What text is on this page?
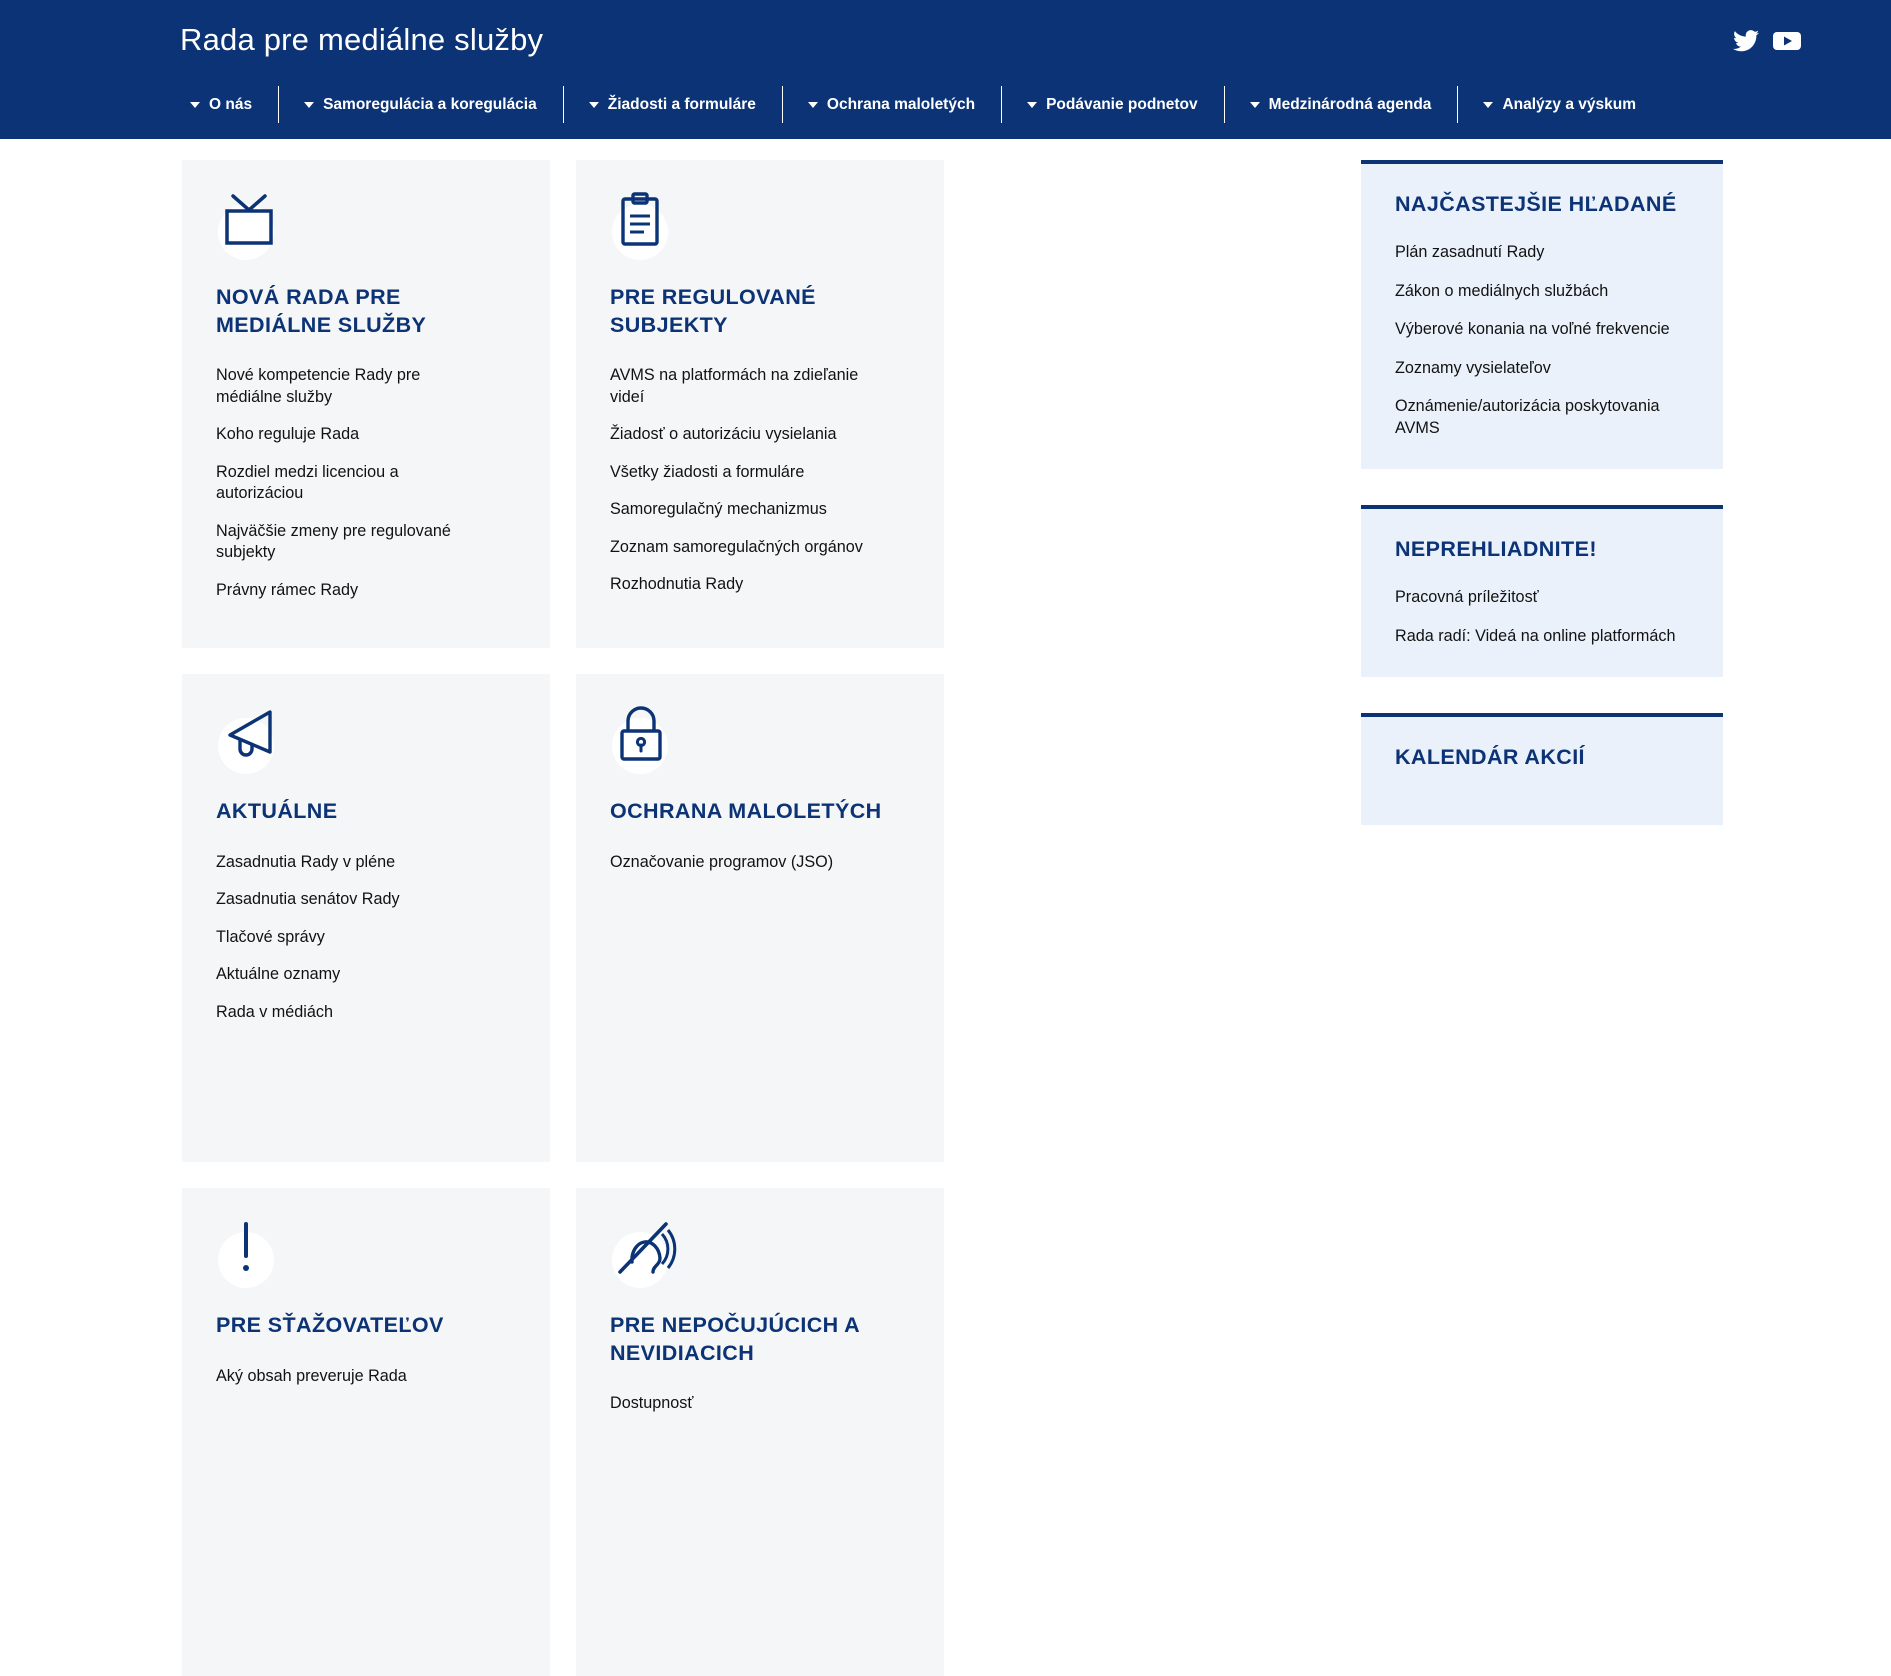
Rada pre mediálne služby
O nás	Samoregulácia a koregulácia	Žiadosti a formuláre	Ochrana maloletých	Podávanie podnetov	Medzinárodná agenda	Analýzy a výskum
NOVÁ RADA PRE MEDIÁLNE SLUŽBY
Nové kompetencie Rady pre médiálne služby
Koho reguluje Rada
Rozdiel medzi licenciou a autorizáciou
Najväčšie zmeny pre regulované subjekty
Právny rámec Rady
PRE REGULOVANÉ SUBJEKTY
AVMS na platformách na zdieľanie videí
Žiadosť o autorizáciu vysielania
Všetky žiadosti a formuláre
Samoregulačný mechanizmus
Zoznam samoregulačných orgánov
Rozhodnutia Rady
AKTUÁLNE
Zasadnutia Rady v pléne
Zasadnutia senátov Rady
Tlačové správy
Aktuálne oznamy
Rada v médiách
OCHRANA MALOLETÝCH
Označovanie programov (JSO)
PRE SŤAŽOVATEĽOV
Aký obsah preveruje Rada
PRE NEPOČUJÚCICH A NEVIDIACICH
Dostupnosť
NAJČASTEJŠIE HĽADANÉ
Plán zasadnutí Rady
Zákon o mediálnych službách
Výberové konania na voľné frekvencie
Zoznamy vysielateľov
Oznámenie/autorizácia poskytovania AVMS
NEPREHLIADNITE!
Pracovná príležitosť
Rada radí: Videá na online platformách
KALENDÁR AKCIÍ
